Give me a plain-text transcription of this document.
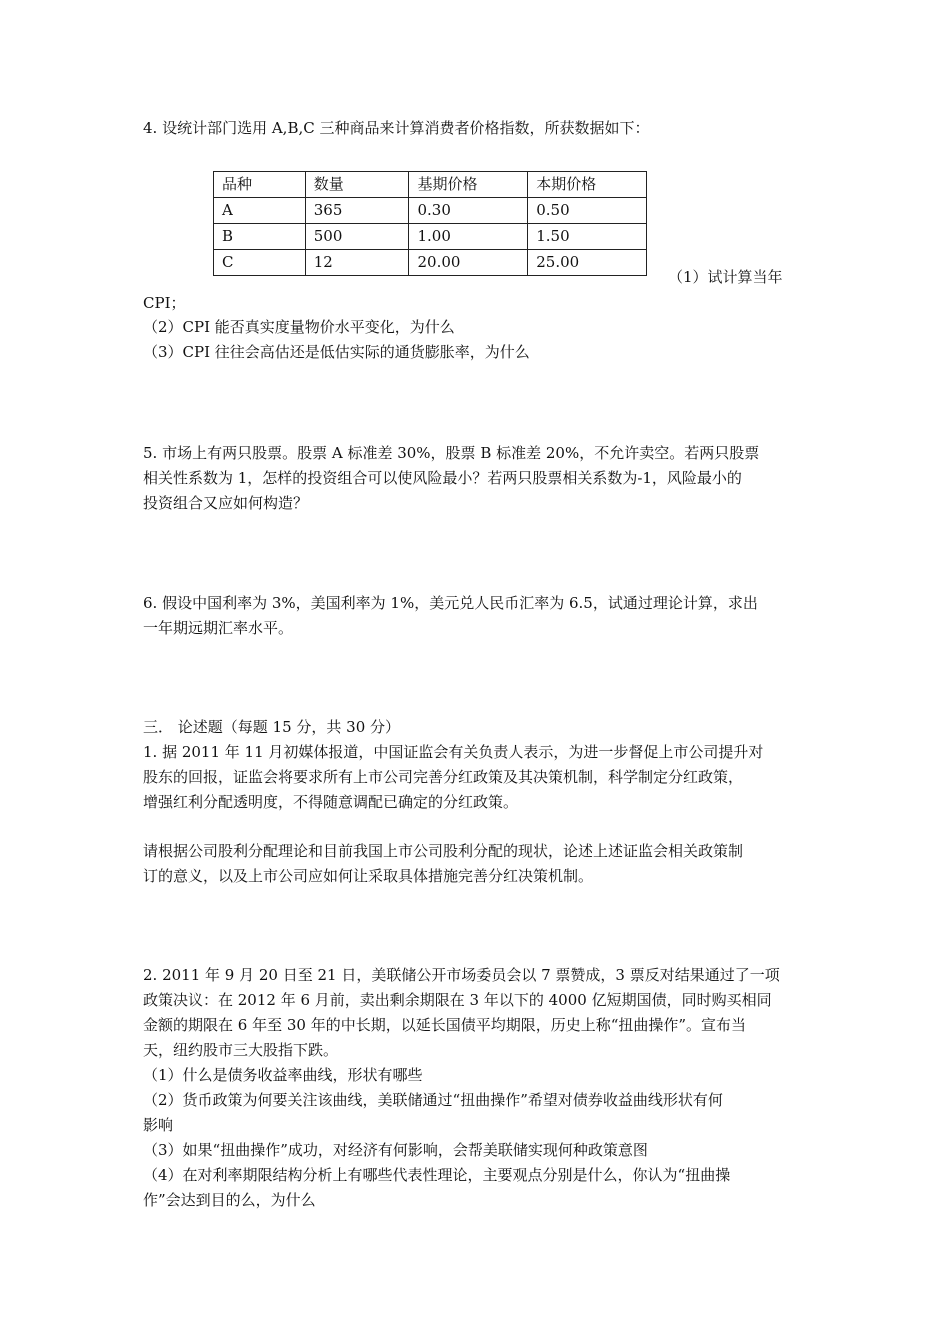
4. 设统计部门选用 A,B,C 三种商品来计算消费者价格指数，所获数据如下：
品种	数量	基期价格	本期价格
A	365	0.30	0.50
B	500	1.00	1.50
C	12	20.00	25.00
（1）试计算当年
CPI；
（2）CPI 能否真实度量物价水平变化，为什么
（3）CPI 往往会高估还是低估实际的通货膨胀率，为什么
5. 市场上有两只股票。股票 A 标准差 30%，股票 B 标准差 20%，不允许卖空。若两只股票
相关性系数为 1，怎样的投资组合可以使风险最小？若两只股票相关系数为-1，风险最小的
投资组合又应如何构造？
6. 假设中国利率为 3%，美国利率为 1%，美元兑人民币汇率为 6.5，试通过理论计算，求出
一年期远期汇率水平。
三． 论述题（每题 15 分，共 30 分）
1. 据 2011 年 11 月初媒体报道，中国证监会有关负责人表示，为进一步督促上市公司提升对
股东的回报，证监会将要求所有上市公司完善分红政策及其决策机制，科学制定分红政策，
增强红利分配透明度，不得随意调配已确定的分红政策。
请根据公司股利分配理论和目前我国上市公司股利分配的现状，论述上述证监会相关政策制
订的意义，以及上市公司应如何让采取具体措施完善分红决策机制。
2. 2011 年 9 月 20 日至 21 日，美联储公开市场委员会以 7 票赞成，3 票反对结果通过了一项
政策决议：在 2012 年 6 月前，卖出剩余期限在 3 年以下的 4000 亿短期国债，同时购买相同
金额的期限在 6 年至 30 年的中长期，以延长国债平均期限，历史上称“扭曲操作”。宣布当
天，纽约股市三大股指下跌。
（1）什么是债务收益率曲线，形状有哪些
（2）货币政策为何要关注该曲线，美联储通过“扭曲操作”希望对债券收益曲线形状有何
影响
（3）如果“扭曲操作”成功，对经济有何影响，会帮美联储实现何种政策意图
（4）在对利率期限结构分析上有哪些代表性理论，主要观点分别是什么，你认为“扭曲操
作”会达到目的么，为什么
